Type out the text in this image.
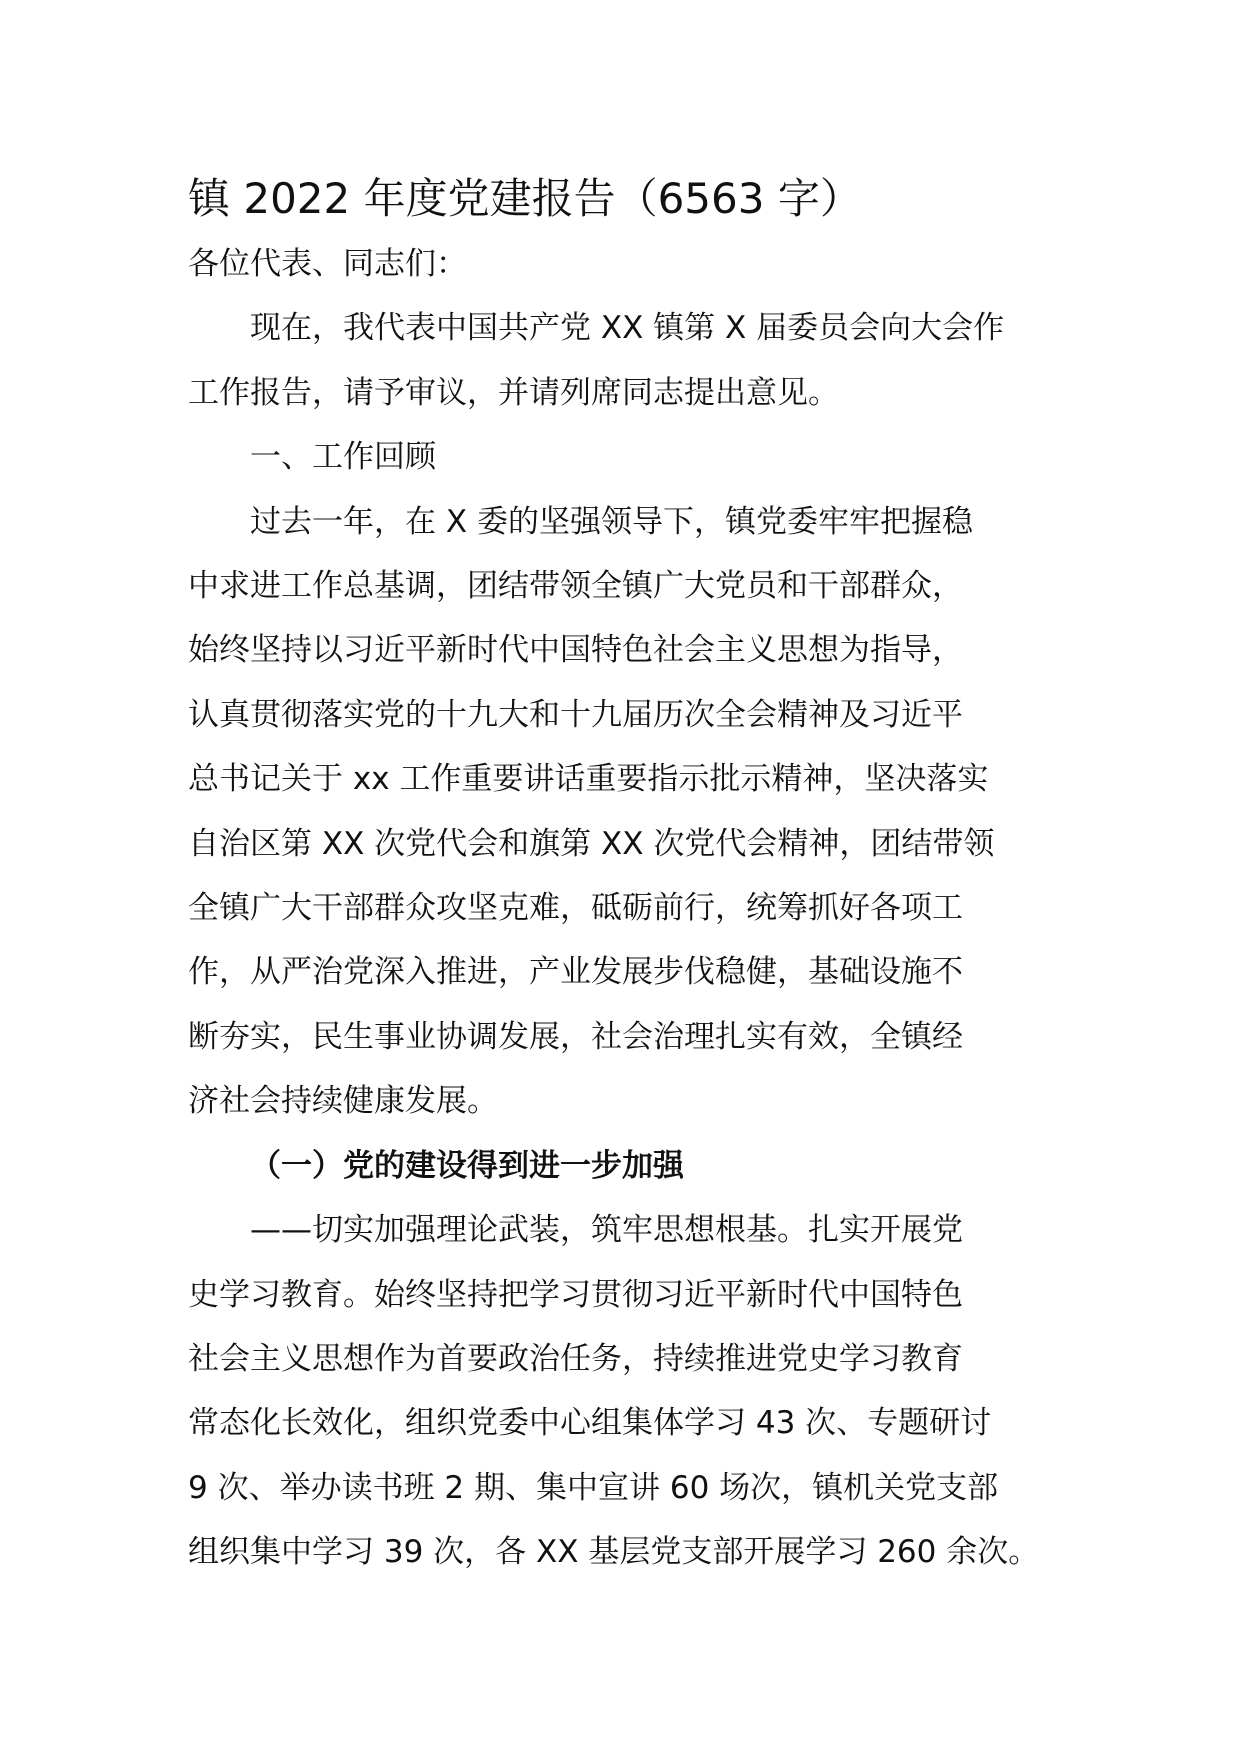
镇 2022 年度党建报告（6563 字）

各位代表、同志们：

现在，我代表中国共产党 XX 镇第 X 届委员会向大会作
工作报告，请予审议，并请列席同志提出意见。

一、工作回顾

过去一年，在 X 委的坚强领导下，镇党委牢牢把握稳
中求进工作总基调，团结带领全镇广大党员和干部群众，
始终坚持以习近平新时代中国特色社会主义思想为指导，
认真贯彻落实党的十九大和十九届历次全会精神及习近平
总书记关于 xx 工作重要讲话重要指示批示精神，坚决落实
自治区第 XX 次党代会和旗第 XX 次党代会精神，团结带领
全镇广大干部群众攻坚克难，砥砺前行，统筹抓好各项工
作，从严治党深入推进，产业发展步伐稳健，基础设施不
断夯实，民生事业协调发展，社会治理扎实有效，全镇经
济社会持续健康发展。

（一）党的建设得到进一步加强

——切实加强理论武装，筑牢思想根基。扎实开展党
史学习教育。始终坚持把学习贯彻习近平新时代中国特色
社会主义思想作为首要政治任务，持续推进党史学习教育
常态化长效化，组织党委中心组集体学习 43 次、专题研讨
9 次、举办读书班 2 期、集中宣讲 60 场次，镇机关党支部
组织集中学习 39 次，各 XX 基层党支部开展学习 260 余次。
